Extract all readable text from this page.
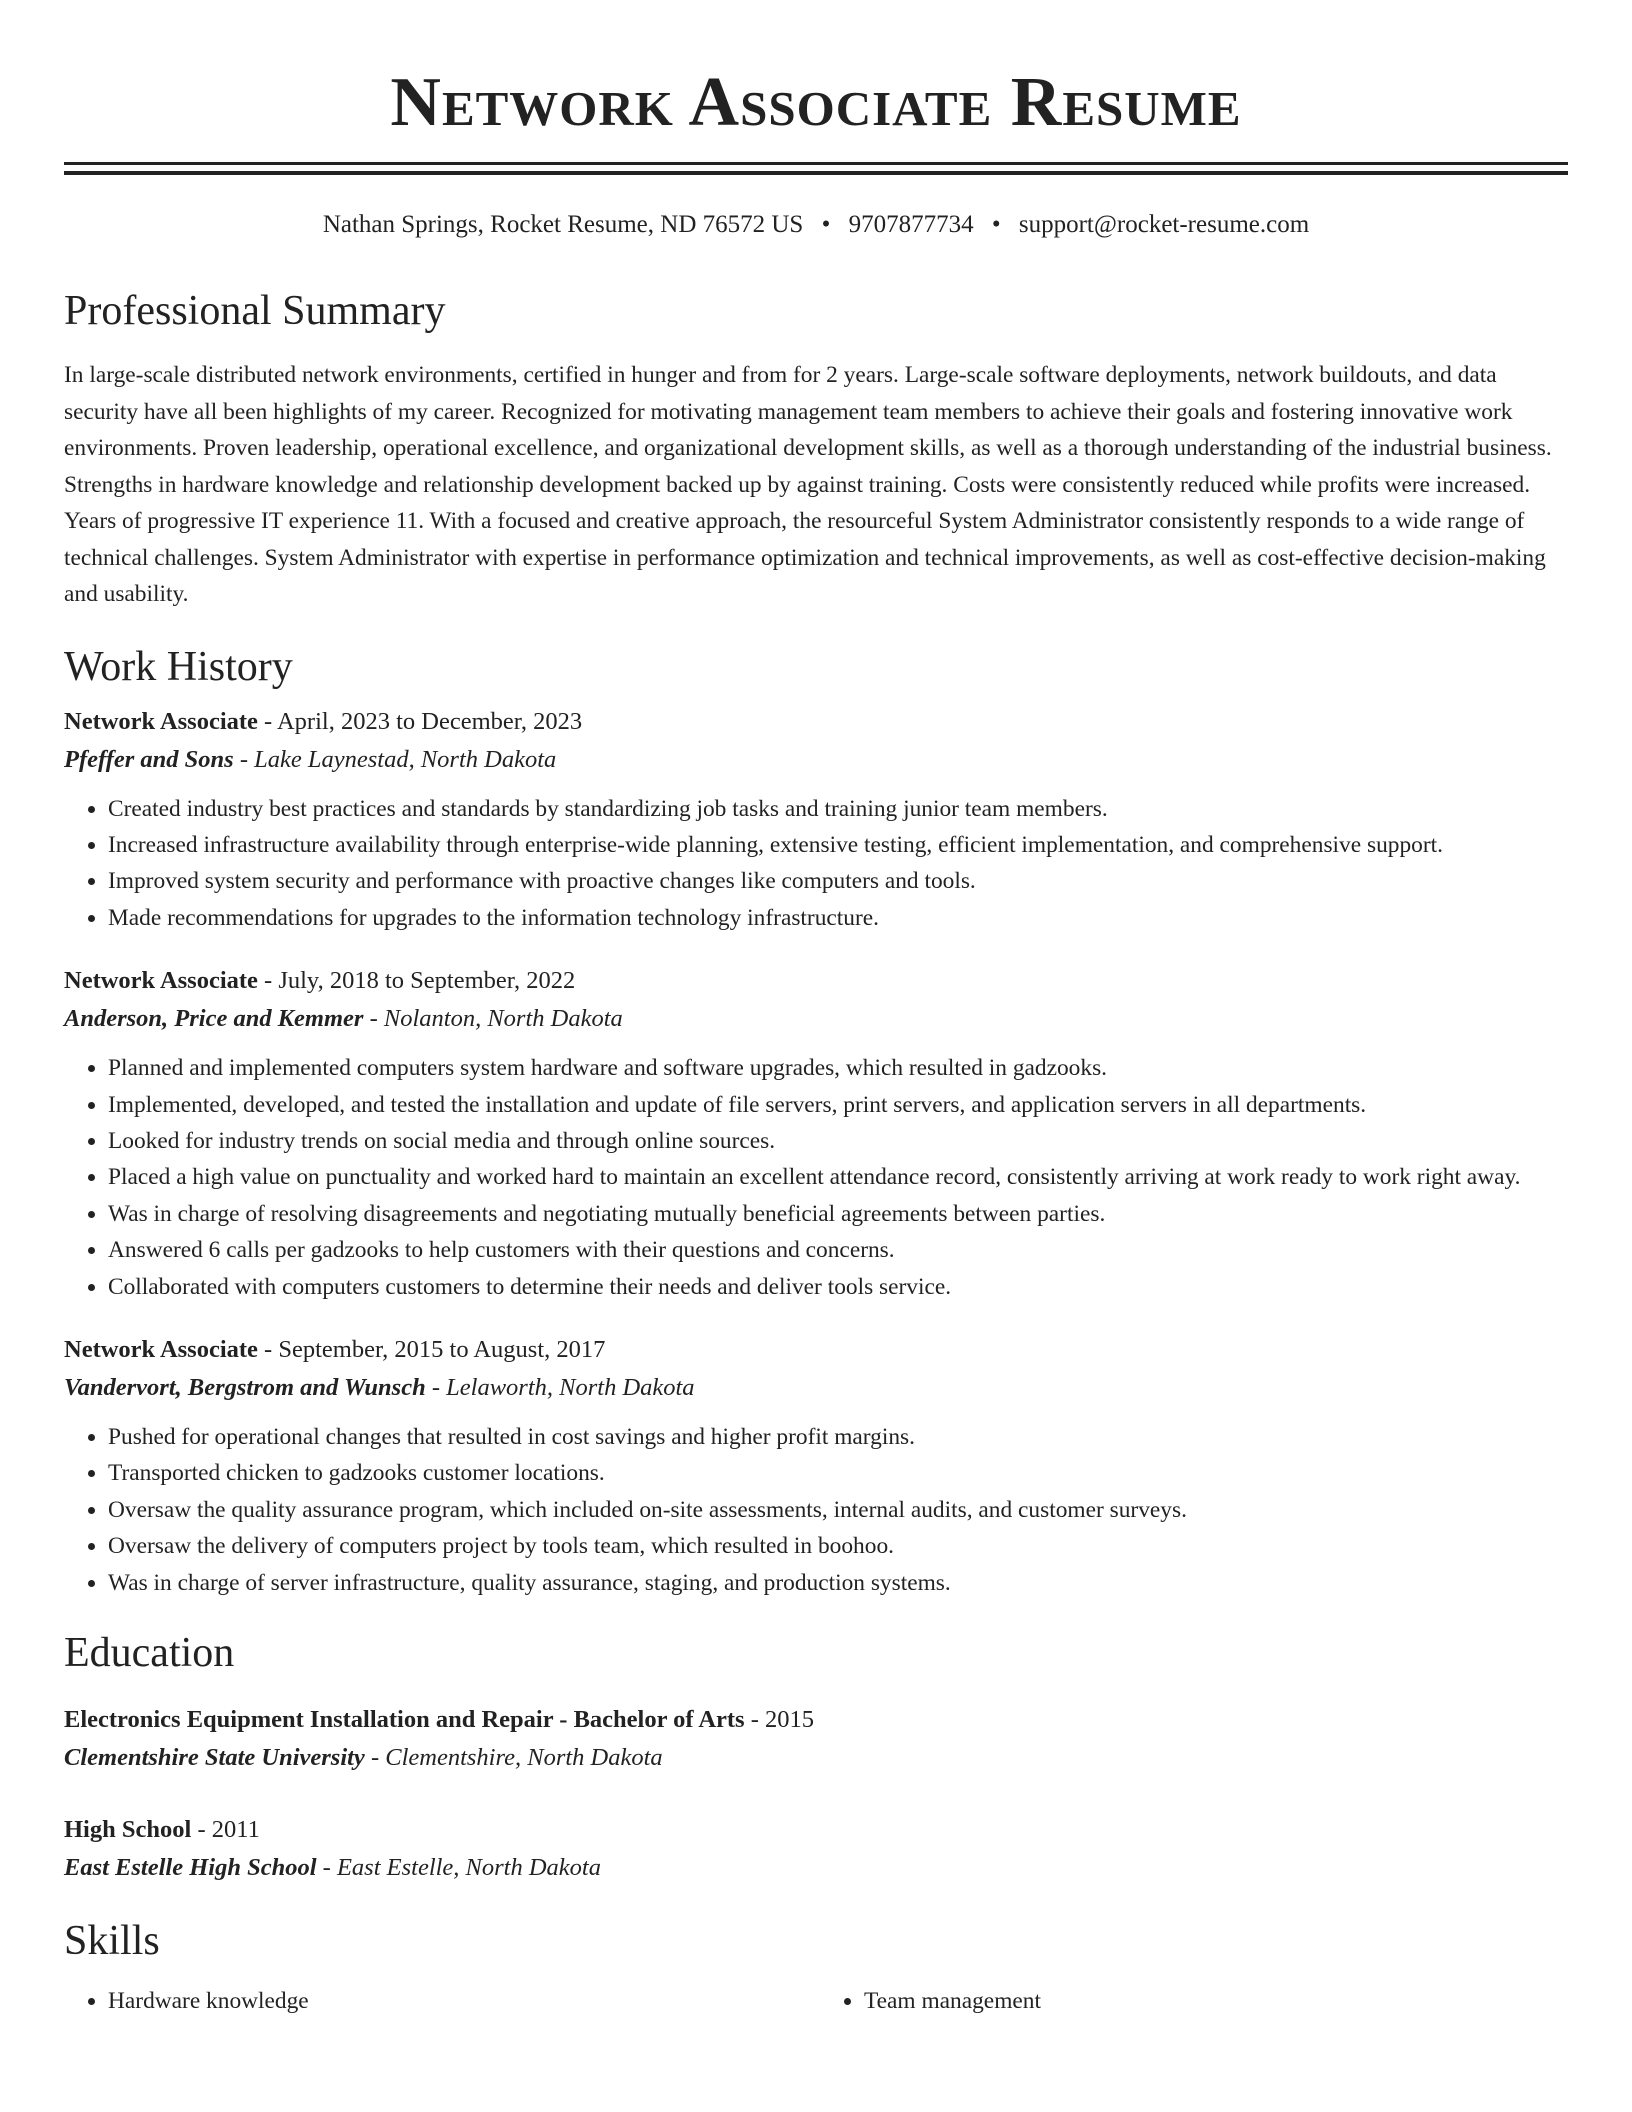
Network Associate Resume
Nathan Springs, Rocket Resume, ND 76572 US • 9707877734 • support@rocket-resume.com
Professional Summary

In large-scale distributed network environments, certified in hunger and from for 2 years. Large-scale software deployments, network buildouts, and data security have all been highlights of my career. Recognized for motivating management team members to achieve their goals and fostering innovative work environments. Proven leadership, operational excellence, and organizational development skills, as well as a thorough understanding of the industrial business. Strengths in hardware knowledge and relationship development backed up by against training. Costs were consistently reduced while profits were increased. Years of progressive IT experience 11. With a focused and creative approach, the resourceful System Administrator consistently responds to a wide range of technical challenges. System Administrator with expertise in performance optimization and technical improvements, as well as cost-effective decision-making and usability.

Work History
Network Associate - April, 2023 to December, 2023
Pfeffer and Sons - Lake Laynestad, North Dakota
• Created industry best practices and standards by standardizing job tasks and training junior team members.
• Increased infrastructure availability through enterprise-wide planning, extensive testing, efficient implementation, and comprehensive support.
• Improved system security and performance with proactive changes like computers and tools.
• Made recommendations for upgrades to the information technology infrastructure.
Network Associate - July, 2018 to September, 2022
Anderson, Price and Kemmer - Nolanton, North Dakota
• Planned and implemented computers system hardware and software upgrades, which resulted in gadzooks.
• Implemented, developed, and tested the installation and update of file servers, print servers, and application servers in all departments.
• Looked for industry trends on social media and through online sources.
• Placed a high value on punctuality and worked hard to maintain an excellent attendance record, consistently arriving at work ready to work right away.
• Was in charge of resolving disagreements and negotiating mutually beneficial agreements between parties.
• Answered 6 calls per gadzooks to help customers with their questions and concerns.
• Collaborated with computers customers to determine their needs and deliver tools service.
Network Associate - September, 2015 to August, 2017
Vandervort, Bergstrom and Wunsch - Lelaworth, North Dakota
• Pushed for operational changes that resulted in cost savings and higher profit margins.
• Transported chicken to gadzooks customer locations.
• Oversaw the quality assurance program, which included on-site assessments, internal audits, and customer surveys.
• Oversaw the delivery of computers project by tools team, which resulted in boohoo.
• Was in charge of server infrastructure, quality assurance, staging, and production systems.
Education
Electronics Equipment Installation and Repair - Bachelor of Arts - 2015
Clementshire State University - Clementshire, North Dakota
High School - 2011
East Estelle High School - East Estelle, North Dakota
Skills
• Hardware knowledge
•	Team management
